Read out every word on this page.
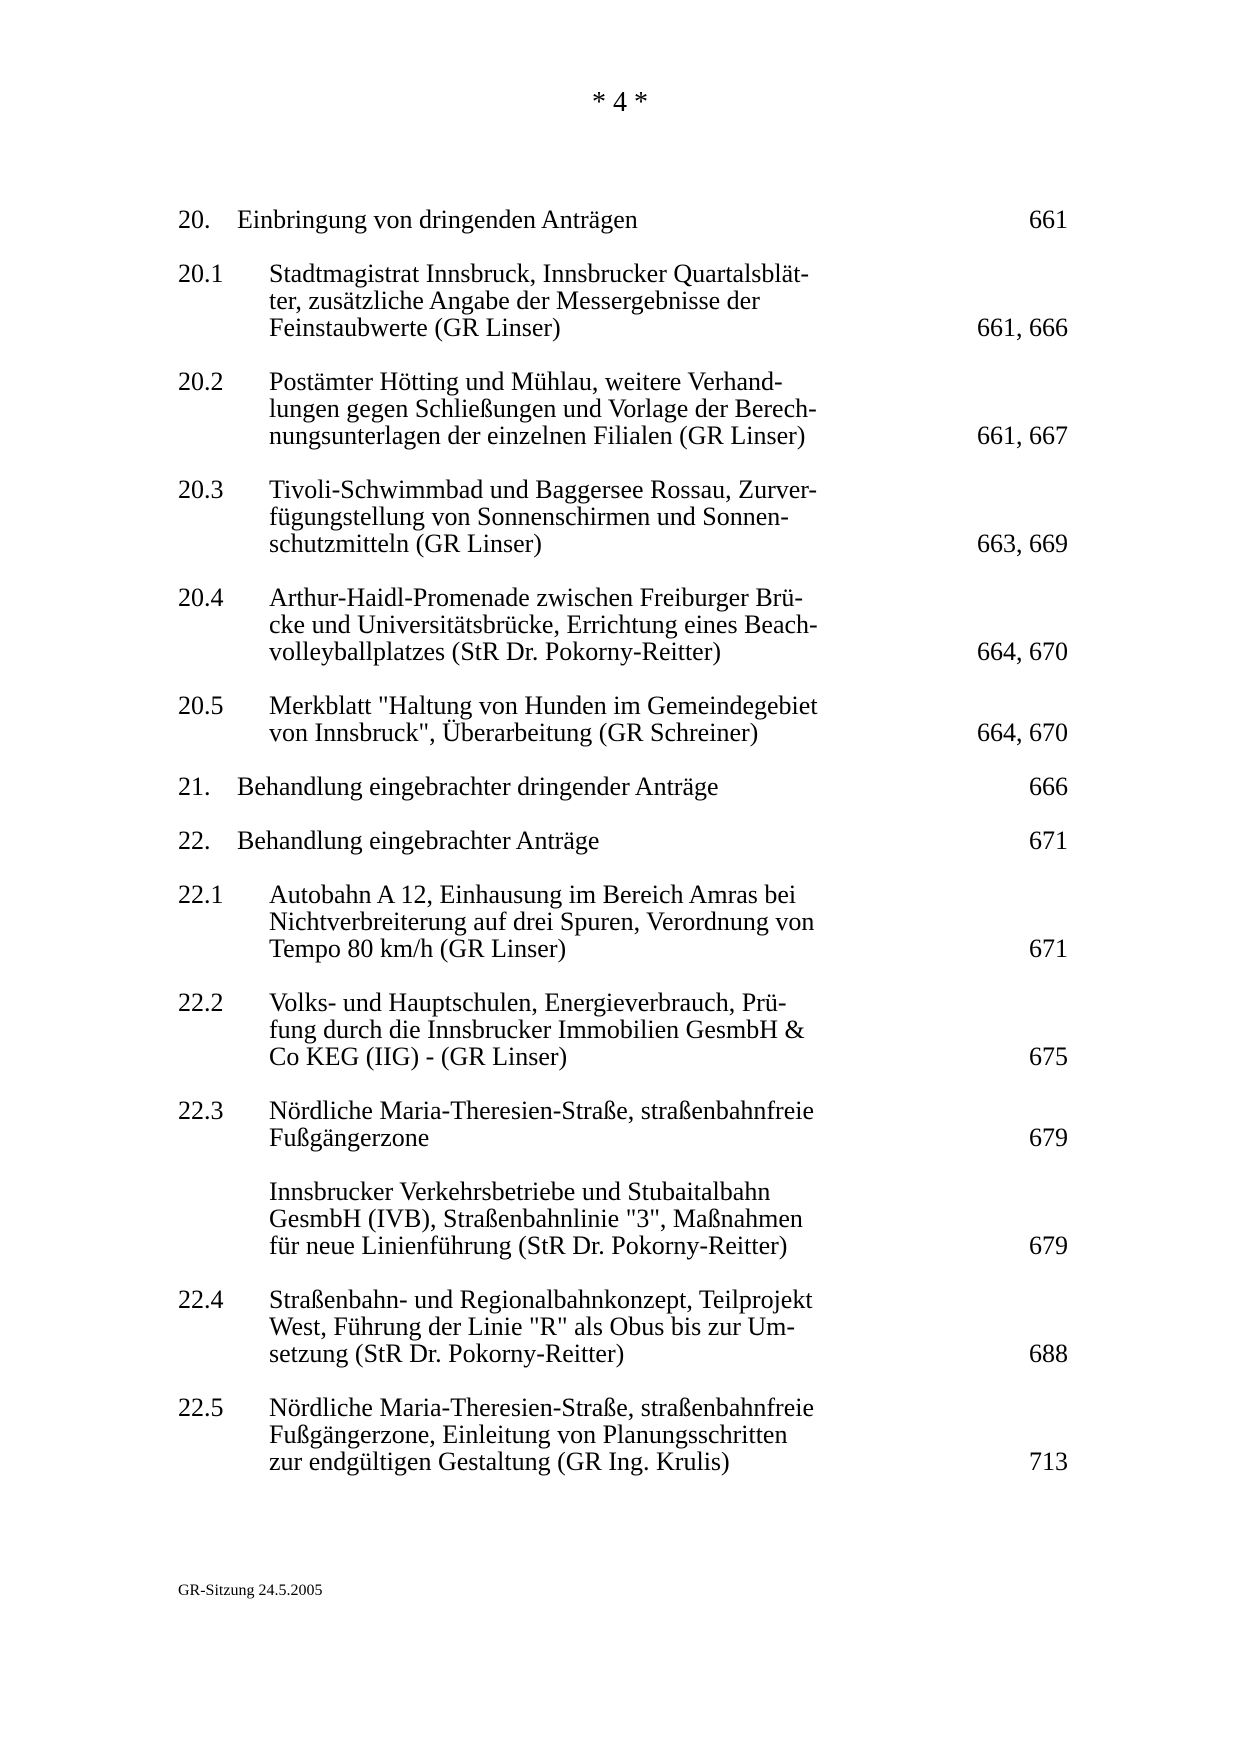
* 4 *
20. Einbringung von dringenden Anträgen	661
20.1 Stadtmagistrat Innsbruck, Innsbrucker Quartalsblät-
ter, zusätzliche Angabe der Messergebnisse der
Feinstaubwerte (GR Linser)	661, 666
20.2 Postämter Hötting und Mühlau, weitere Verhand-
lungen gegen Schließungen und Vorlage der Berech-
nungsunterlagen der einzelnen Filialen (GR Linser)	661, 667
20.3 Tivoli-Schwimmbad und Baggersee Rossau, Zurver-
fügungstellung von Sonnenschirmen und Sonnen-
schutzmitteln (GR Linser)	663, 669
20.4 Arthur-Haidl-Promenade zwischen Freiburger Brü-
cke und Universitätsbrücke, Errichtung eines Beach-
volleyballplatzes (StR Dr. Pokorny-Reitter)	664, 670
20.5 Merkblatt "Haltung von Hunden im Gemeindegebiet
von Innsbruck", Überarbeitung (GR Schreiner)	664, 670
21. Behandlung eingebrachter dringender Anträge	666
22. Behandlung eingebrachter Anträge	671
22.1 Autobahn A 12, Einhausung im Bereich Amras bei
Nichtverbreiterung auf drei Spuren, Verordnung von
Tempo 80 km/h (GR Linser)	671
22.2 Volks- und Hauptschulen, Energieverbrauch, Prü-
fung durch die Innsbrucker Immobilien GesmbH &
Co KEG (IIG) - (GR Linser)	675
22.3 Nördliche Maria-Theresien-Straße, straßenbahnfreie
Fußgängerzone	679
Innsbrucker Verkehrsbetriebe und Stubaitalbahn
GesmbH (IVB), Straßenbahnlinie "3", Maßnahmen
für neue Linienführung (StR Dr. Pokorny-Reitter)	679
22.4 Straßenbahn- und Regionalbahnkonzept, Teilprojekt
West, Führung der Linie "R" als Obus bis zur Um-
setzung (StR Dr. Pokorny-Reitter)	688
22.5 Nördliche Maria-Theresien-Straße, straßenbahnfreie
Fußgängerzone, Einleitung von Planungsschritten
zur endgültigen Gestaltung (GR Ing. Krulis)	713
GR-Sitzung 24.5.2005
